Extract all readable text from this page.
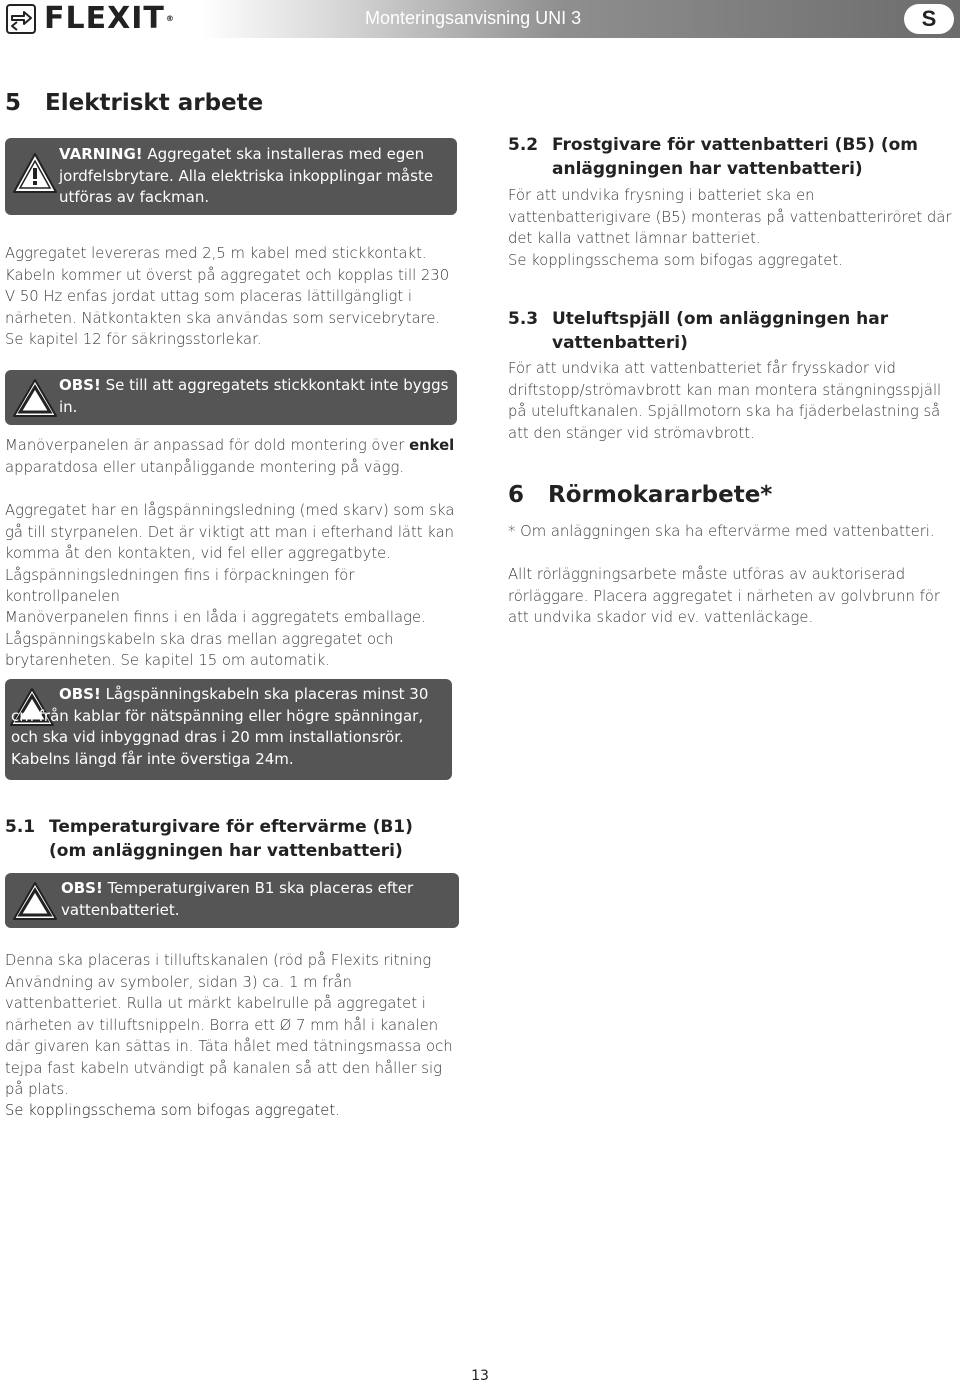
FLEXIT®	Monteringsanvisning UNI 3	S
5 Elektriskt arbete

VARNING! Aggregatet ska installeras med egen jordfelsbrytare. Alla elektriska inkopplingar måste utföras av fackman.

Aggregatet levereras med 2,5 m kabel med stickkontakt. Kabeln kommer ut överst på aggregatet och kopplas till 230 V 50 Hz enfas jordat uttag som placeras lättillgängligt i närheten. Nätkontakten ska användas som servicebrytare. Se kapitel 12 för säkringsstorlekar.

OBS! Se till att aggregatets stickkontakt inte byggs in.

Manöverpanelen är anpassad för dold montering över enkel apparatdosa eller utanpåliggande montering på vägg.

Aggregatet har en lågspänningsledning (med skarv) som ska gå till styrpanelen. Det är viktigt att man i efterhand lätt kan komma åt den kontakten, vid fel eller aggregatbyte. Lågspänningsledningen fins i förpackningen för kontrollpanelen

Manöverpanelen finns i en låda i aggregatets emballage. Lågspänningskabeln ska dras mellan aggregatet och brytarenheten. Se kapitel 15 om automatik.

OBS! Lågspänningskabeln ska placeras minst 30 cm från kablar för nätspänning eller högre spänningar, och ska vid inbyggnad dras i 20 mm installationsrör. Kabelns längd får inte överstiga 24m.

5.1 Temperaturgivare för eftervärme (B1) (om anläggningen har vattenbatteri)

OBS! Temperaturgivaren B1 ska placeras efter vattenbatteriet.

Denna ska placeras i tilluftskanalen (röd på Flexits ritning Användning av symboler, sidan 3) ca. 1 m från vattenbatteriet. Rulla ut märkt kabelrulle på aggregatet i närheten av tilluftsnippeln. Borra ett Ø 7 mm hål i kanalen där givaren kan sättas in. Täta hålet med tätningsmassa och tejpa fast kabeln utvändigt på kanalen så att den håller sig på plats.

Se kopplingsschema som bifogas aggregatet.

5.2 Frostgivare för vattenbatteri (B5) (om anläggningen har vattenbatteri)

För att undvika frysning i batteriet ska en vattenbatterigivare (B5) monteras på vattenbatteriröret där det kalla vattnet lämnar batteriet.

Se kopplingsschema som bifogas aggregatet.

5.3 Uteluftspjäll (om anläggningen har vattenbatteri)

För att undvika att vattenbatteriet får frysskador vid driftstopp/strömavbrott kan man montera stängningsspjäll på uteluftkanalen. Spjällmotorn ska ha fjäderbelastning så att den stänger vid strömavbrott.

6 Rörmokararbete*

* Om anläggningen ska ha eftervärme med vattenbatteri.

Allt rörläggningsarbete måste utföras av auktoriserad rörläggare. Placera aggregatet i närheten av golvbrunn för att undvika skador vid ev. vattenläckage.

13
